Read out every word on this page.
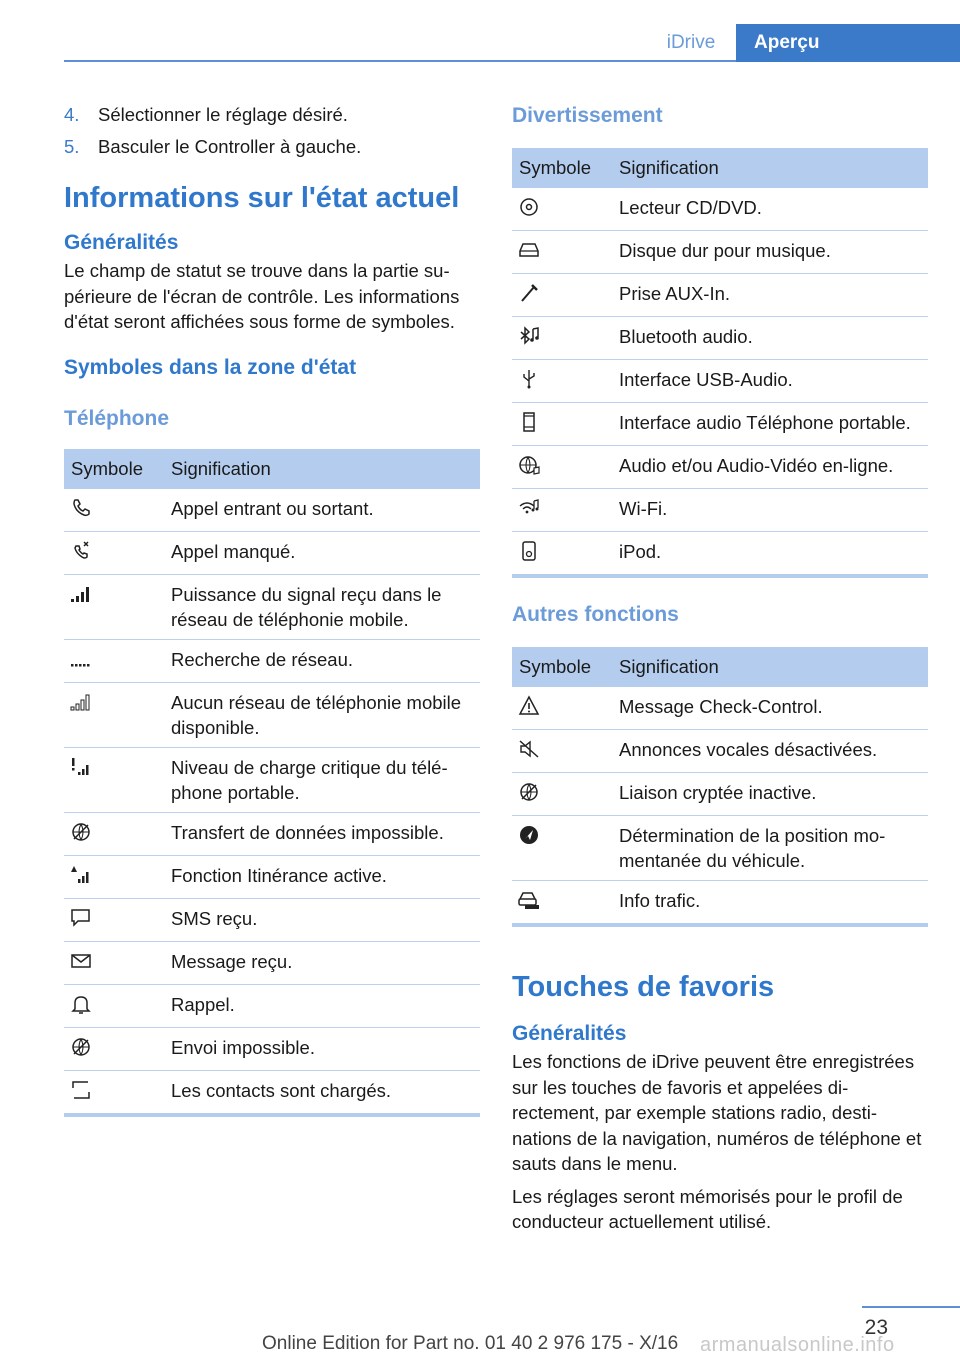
iDrive	Aperçu
4.	Sélectionner le réglage désiré.
5.	Basculer le Controller à gauche.
Informations sur l'état actuel
Généralités

Le champ de statut se trouve dans la partie supérieure de l'écran de contrôle. Les informations d'état seront affichées sous forme de symboles.

Symboles dans la zone d'état
Téléphone
Symbole	Signification
	Appel entrant ou sortant.
	Appel manqué.
	Puissance du signal reçu dans le réseau de téléphonie mobile.
	Recherche de réseau.
	Aucun réseau de téléphonie mobile disponible.
	Niveau de charge critique du téléphone portable.
	Transfert de données impossible.
	Fonction Itinérance active.
	SMS reçu.
	Message reçu.
	Rappel.
	Envoi impossible.
	Les contacts sont chargés.
Divertissement
Symbole	Signification
	Lecteur CD/DVD.
	Disque dur pour musique.
	Prise AUX-In.
	Bluetooth audio.
	Interface USB-Audio.
	Interface audio Téléphone portable.
	Audio et/ou Audio-Vidéo en-ligne.
	Wi-Fi.
	iPod.
Autres fonctions
Symbole	Signification
	Message Check-Control.
	Annonces vocales désactivées.
	Liaison cryptée inactive.
	Détermination de la position momentanée du véhicule.
	Info trafic.
Touches de favoris
Généralités

Les fonctions de iDrive peuvent être enregistrées sur les touches de favoris et appelées directement, par exemple stations radio, destinations de la navigation, numéros de téléphone et sauts dans le menu.

Les réglages seront mémorisés pour le profil de conducteur actuellement utilisé.

23
Online Edition for Part no. 01 40 2 976 175 - X/16 armanualsonline.info
